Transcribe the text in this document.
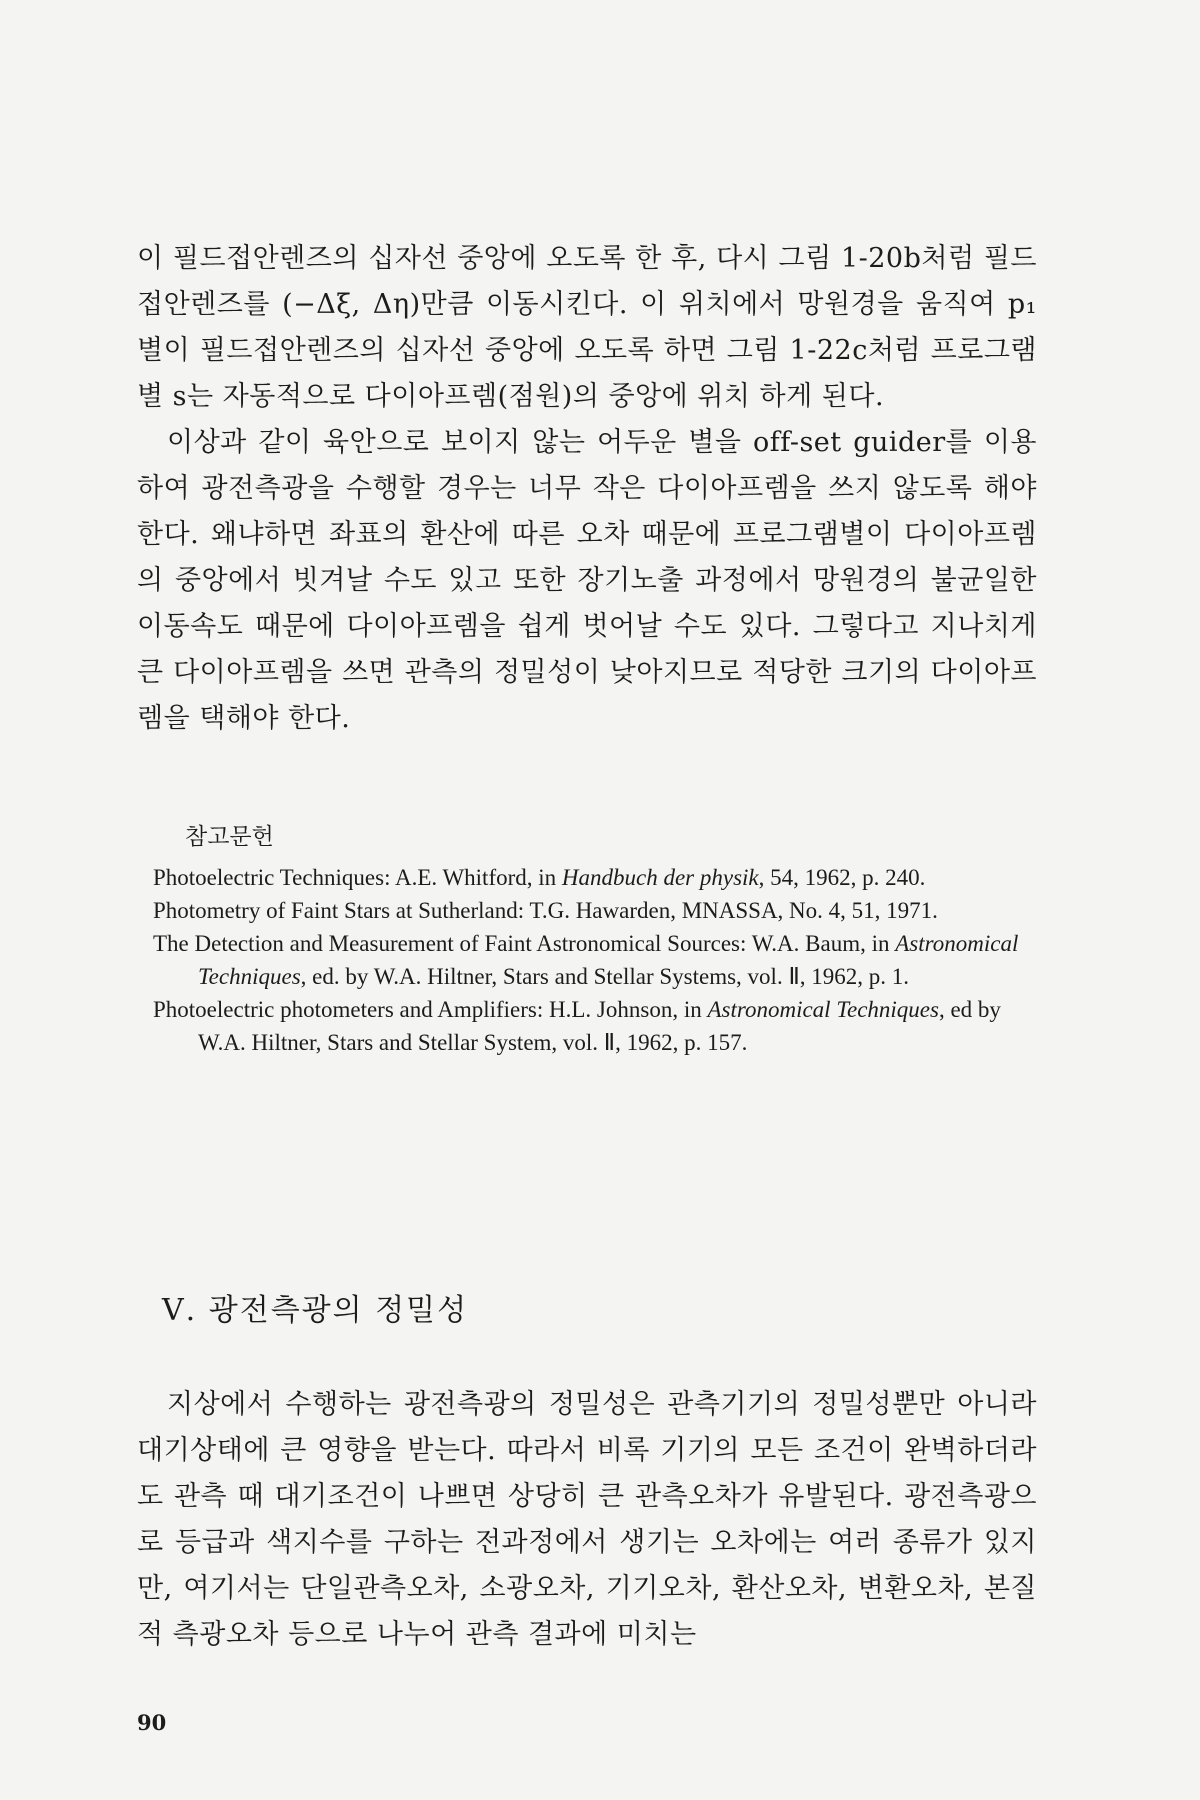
이 필드접안렌즈의 십자선 중앙에 오도록 한 후, 다시 그림 1-20b처럼 필드접안렌즈를 (−Δξ, Δη)만큼 이동시킨다. 이 위치에서 망원경을 움직여 p₁ 별이 필드접안렌즈의 십자선 중앙에 오도록 하면 그림 1-22c처럼 프로그램별 s는 자동적으로 다이아프렘(점원)의 중앙에 위치 하게 된다.

이상과 같이 육안으로 보이지 않는 어두운 별을 off-set guider를 이용하여 광전측광을 수행할 경우는 너무 작은 다이아프렘을 쓰지 않도록 해야 한다. 왜냐하면 좌표의 환산에 따른 오차 때문에 프로그램별이 다이아프렘의 중앙에서 빗겨날 수도 있고 또한 장기노출 과정에서 망원경의 불균일한 이동속도 때문에 다이아프렘을 쉽게 벗어날 수도 있다. 그렇다고 지나치게 큰 다이아프렘을 쓰면 관측의 정밀성이 낮아지므로 적당한 크기의 다이아프렘을 택해야 한다.

참고문헌

Photoelectric Techniques: A.E. Whitford, in Handbuch der physik, 54, 1962, p. 240.

Photometry of Faint Stars at Sutherland: T.G. Hawarden, MNASSA, No. 4, 51, 1971.

The Detection and Measurement of Faint Astronomical Sources: W.A. Baum, in Astronomical Techniques, ed. by W.A. Hiltner, Stars and Stellar Systems, vol. Ⅱ, 1962, p. 1.

Photoelectric photometers and Amplifiers: H.L. Johnson, in Astronomical Techniques, ed by W.A. Hiltner, Stars and Stellar System, vol. Ⅱ, 1962, p. 157.

Ⅴ. 광전측광의 정밀성

지상에서 수행하는 광전측광의 정밀성은 관측기기의 정밀성뿐만 아니라 대기상태에 큰 영향을 받는다. 따라서 비록 기기의 모든 조건이 완벽하더라도 관측 때 대기조건이 나쁘면 상당히 큰 관측오차가 유발된다. 광전측광으로 등급과 색지수를 구하는 전과정에서 생기는 오차에는 여러 종류가 있지만, 여기서는 단일관측오차, 소광오차, 기기오차, 환산오차, 변환오차, 본질적 측광오차 등으로 나누어 관측 결과에 미치는

90
